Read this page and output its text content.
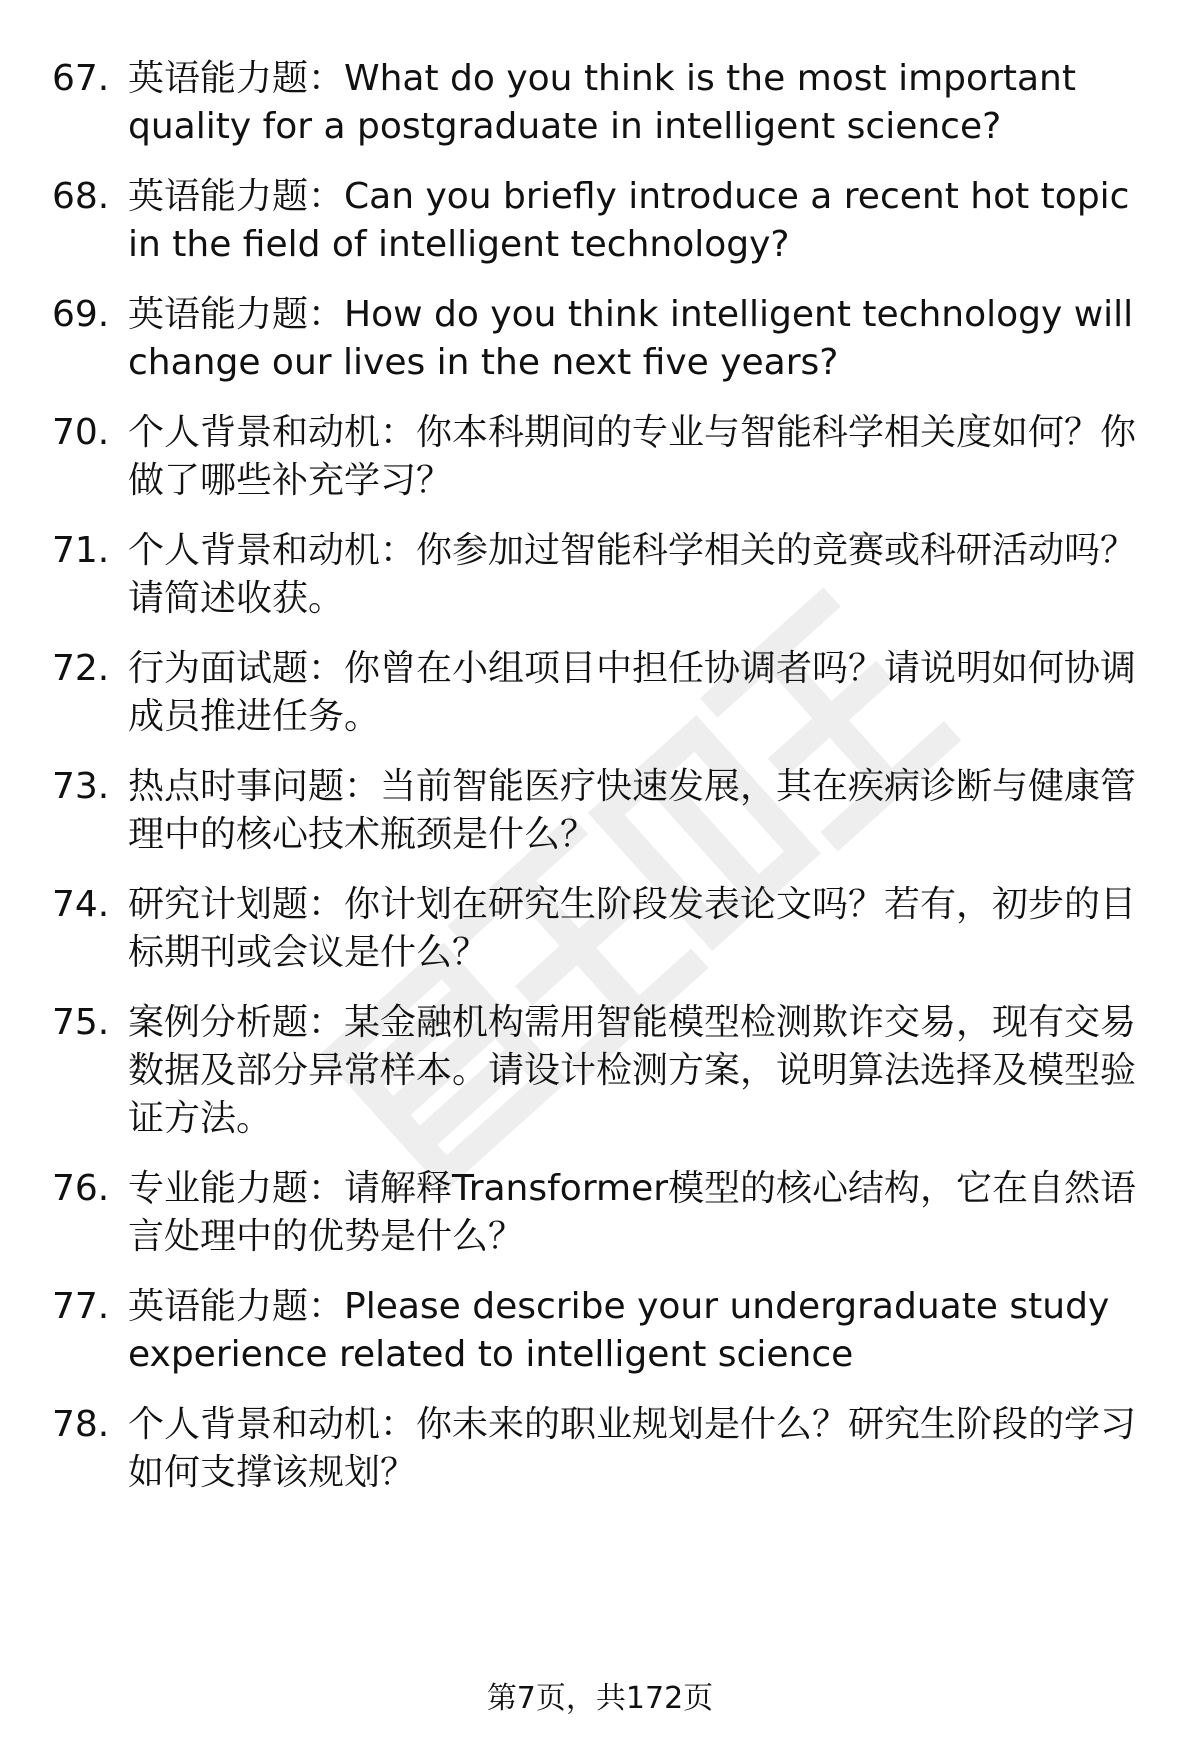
67. 英语能力题：What do you think is the most important quality for a postgraduate in intelligent science?
68. 英语能力题：Can you briefly introduce a recent hot topic in the field of intelligent technology?
69. 英语能力题：How do you think intelligent technology will change our lives in the next five years?
70. 个人背景和动机：你本科期间的专业与智能科学相关度如何？你做了哪些补充学习？
71. 个人背景和动机：你参加过智能科学相关的竞赛或科研活动吗？请简述收获。
72. 行为面试题：你曾在小组项目中担任协调者吗？请说明如何协调成员推进任务。
73. 热点时事问题：当前智能医疗快速发展，其在疾病诊断与健康管理中的核心技术瓶颈是什么？
74. 研究计划题：你计划在研究生阶段发表论文吗？若有，初步的目标期刊或会议是什么？
75. 案例分析题：某金融机构需用智能模型检测欺诈交易，现有交易数据及部分异常样本。请设计检测方案，说明算法选择及模型验证方法。
76. 专业能力题：请解释Transformer模型的核心结构，它在自然语言处理中的优势是什么？
77. 英语能力题：Please describe your undergraduate study experience related to intelligent science
78. 个人背景和动机：你未来的职业规划是什么？研究生阶段的学习如何支撑该规划？
第7页，共172页
